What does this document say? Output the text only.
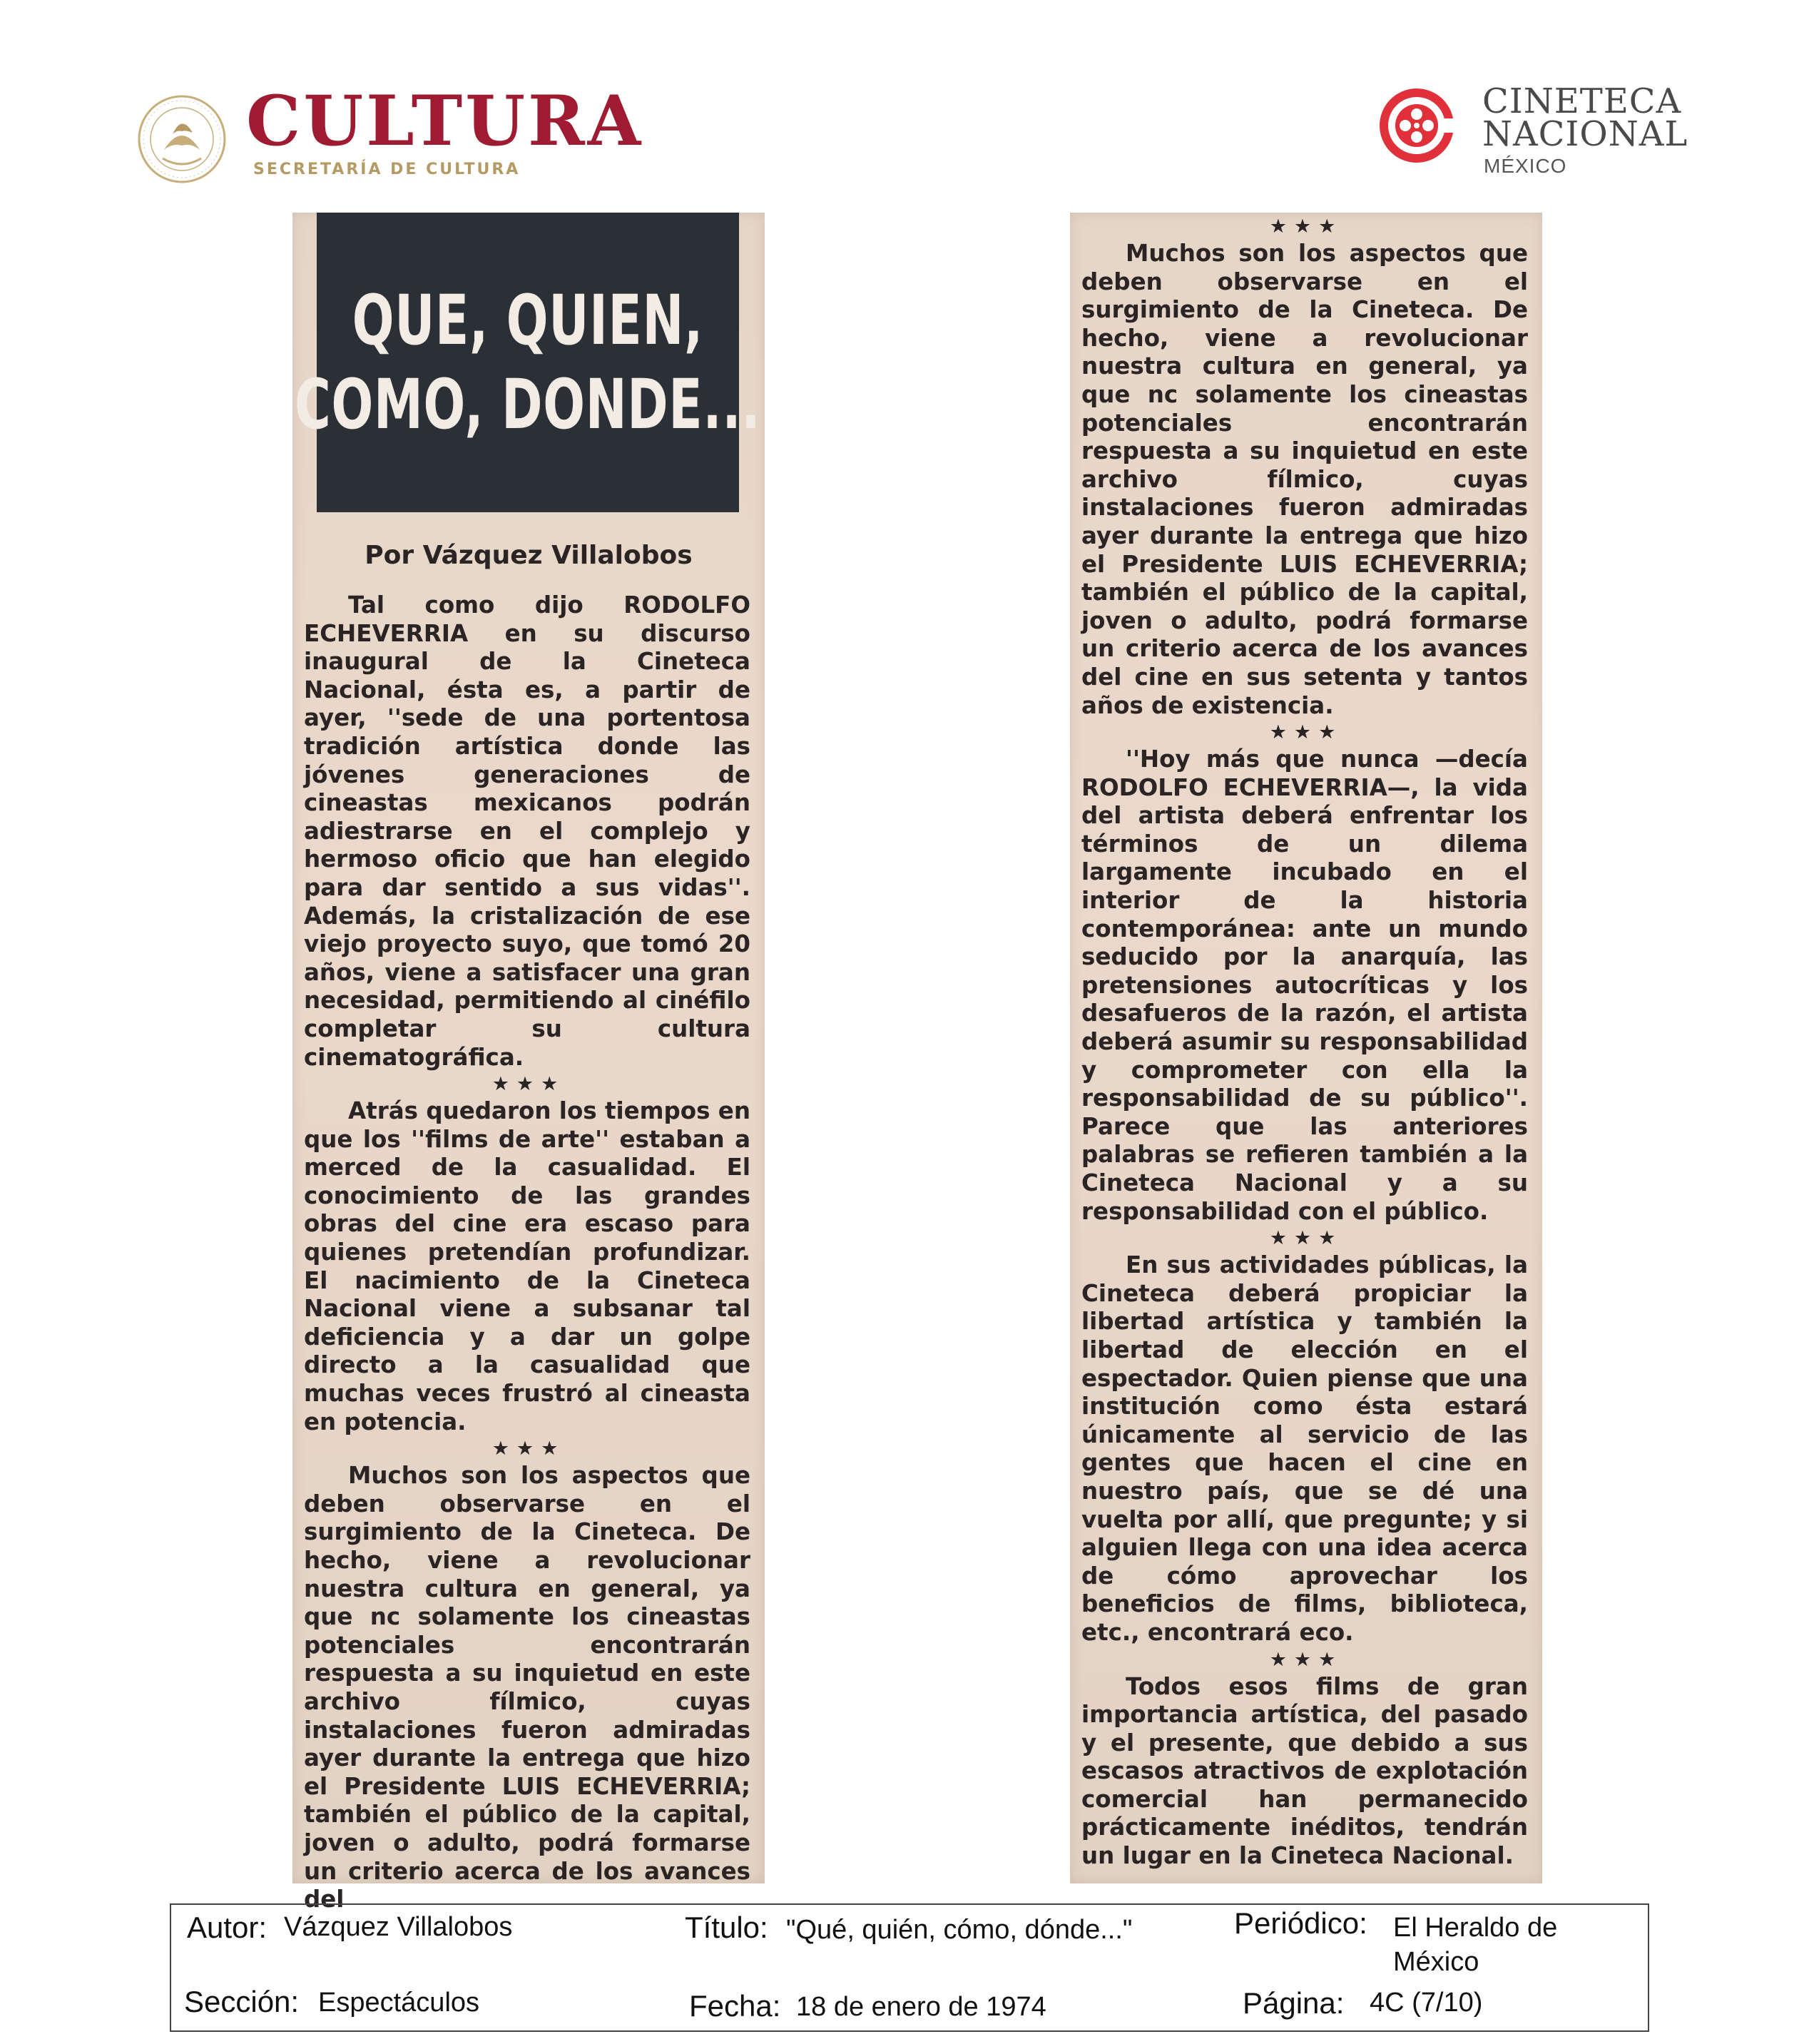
CULTURA
SECRETARÍA DE CULTURA
CINETECA
NACIONAL
MÉXICO
QUE, QUIEN,
COMO, DONDE...
Por Vázquez Villalobos
Tal como dijo RODOLFO ECHEVERRIA en su discurso inaugural de la Cineteca Nacional, ésta es, a partir de ayer, ''sede de una portentosa tradición artística donde las jóvenes generaciones de cineastas mexicanos podrán adiestrarse en el complejo y hermoso oficio que han elegido para dar sentido a sus vidas''. Además, la cristalización de ese viejo proyecto suyo, que tomó 20 años, viene a satisfacer una gran necesidad, permitiendo al cinéfilo completar su cultura cinematográfica.
★★★
Atrás quedaron los tiempos en que los ''films de arte'' estaban a merced de la casualidad. El conocimiento de las grandes obras del cine era escaso para quienes pretendían profundizar. El nacimiento de la Cineteca Nacional viene a subsanar tal deficiencia y a dar un golpe directo a la casualidad que muchas veces frustró al cineasta en potencia.
★★★
Muchos son los aspectos que deben observarse en el surgimiento de la Cineteca. De hecho, viene a revolucionar nuestra cultura en general, ya que nc solamente los cineastas potenciales encontrarán respuesta a su inquietud en este archivo fílmico, cuyas instalaciones fueron admiradas ayer durante la entrega que hizo el Presidente LUIS ECHEVERRIA; también el público de la capital, joven o adulto, podrá formarse un criterio acerca de los avances del
★★★
Muchos son los aspectos que deben observarse en el surgimiento de la Cineteca. De hecho, viene a revolucionar nuestra cultura en general, ya que nc solamente los cineastas potenciales encontrarán respuesta a su inquietud en este archivo fílmico, cuyas instalaciones fueron admiradas ayer durante la entrega que hizo el Presidente LUIS ECHEVERRIA; también el público de la capital, joven o adulto, podrá formarse un criterio acerca de los avances del cine en sus setenta y tantos años de existencia.
★★★
''Hoy más que nunca —decía RODOLFO ECHEVERRIA—, la vida del artista deberá enfrentar los términos de un dilema largamente incubado en el interior de la historia contemporánea: ante un mundo seducido por la anarquía, las pretensiones autocríticas y los desafueros de la razón, el artista deberá asumir su responsabilidad y comprometer con ella la responsabilidad de su público''. Parece que las anteriores palabras se refieren también a la Cineteca Nacional y a su responsabilidad con el público.
★★★
En sus actividades públicas, la Cineteca deberá propiciar la libertad artística y también la libertad de elección en el espectador. Quien piense que una institución como ésta estará únicamente al servicio de las gentes que hacen el cine en nuestro país, que se dé una vuelta por allí, que pregunte; y si alguien llega con una idea acerca de cómo aprovechar los beneficios de films, biblioteca, etc., encontrará eco.
★★★
Todos esos films de gran importancia artística, del pasado y el presente, que debido a sus escasos atractivos de explotación comercial han permanecido prácticamente inéditos, tendrán un lugar en la Cineteca Nacional.
Autor: Vázquez Villalobos	Título: "Qué, quién, cómo, dónde..."	Periódico: El Heraldo de México
Sección: Espectáculos	Fecha: 18 de enero de 1974	Página: 4C (7/10)
